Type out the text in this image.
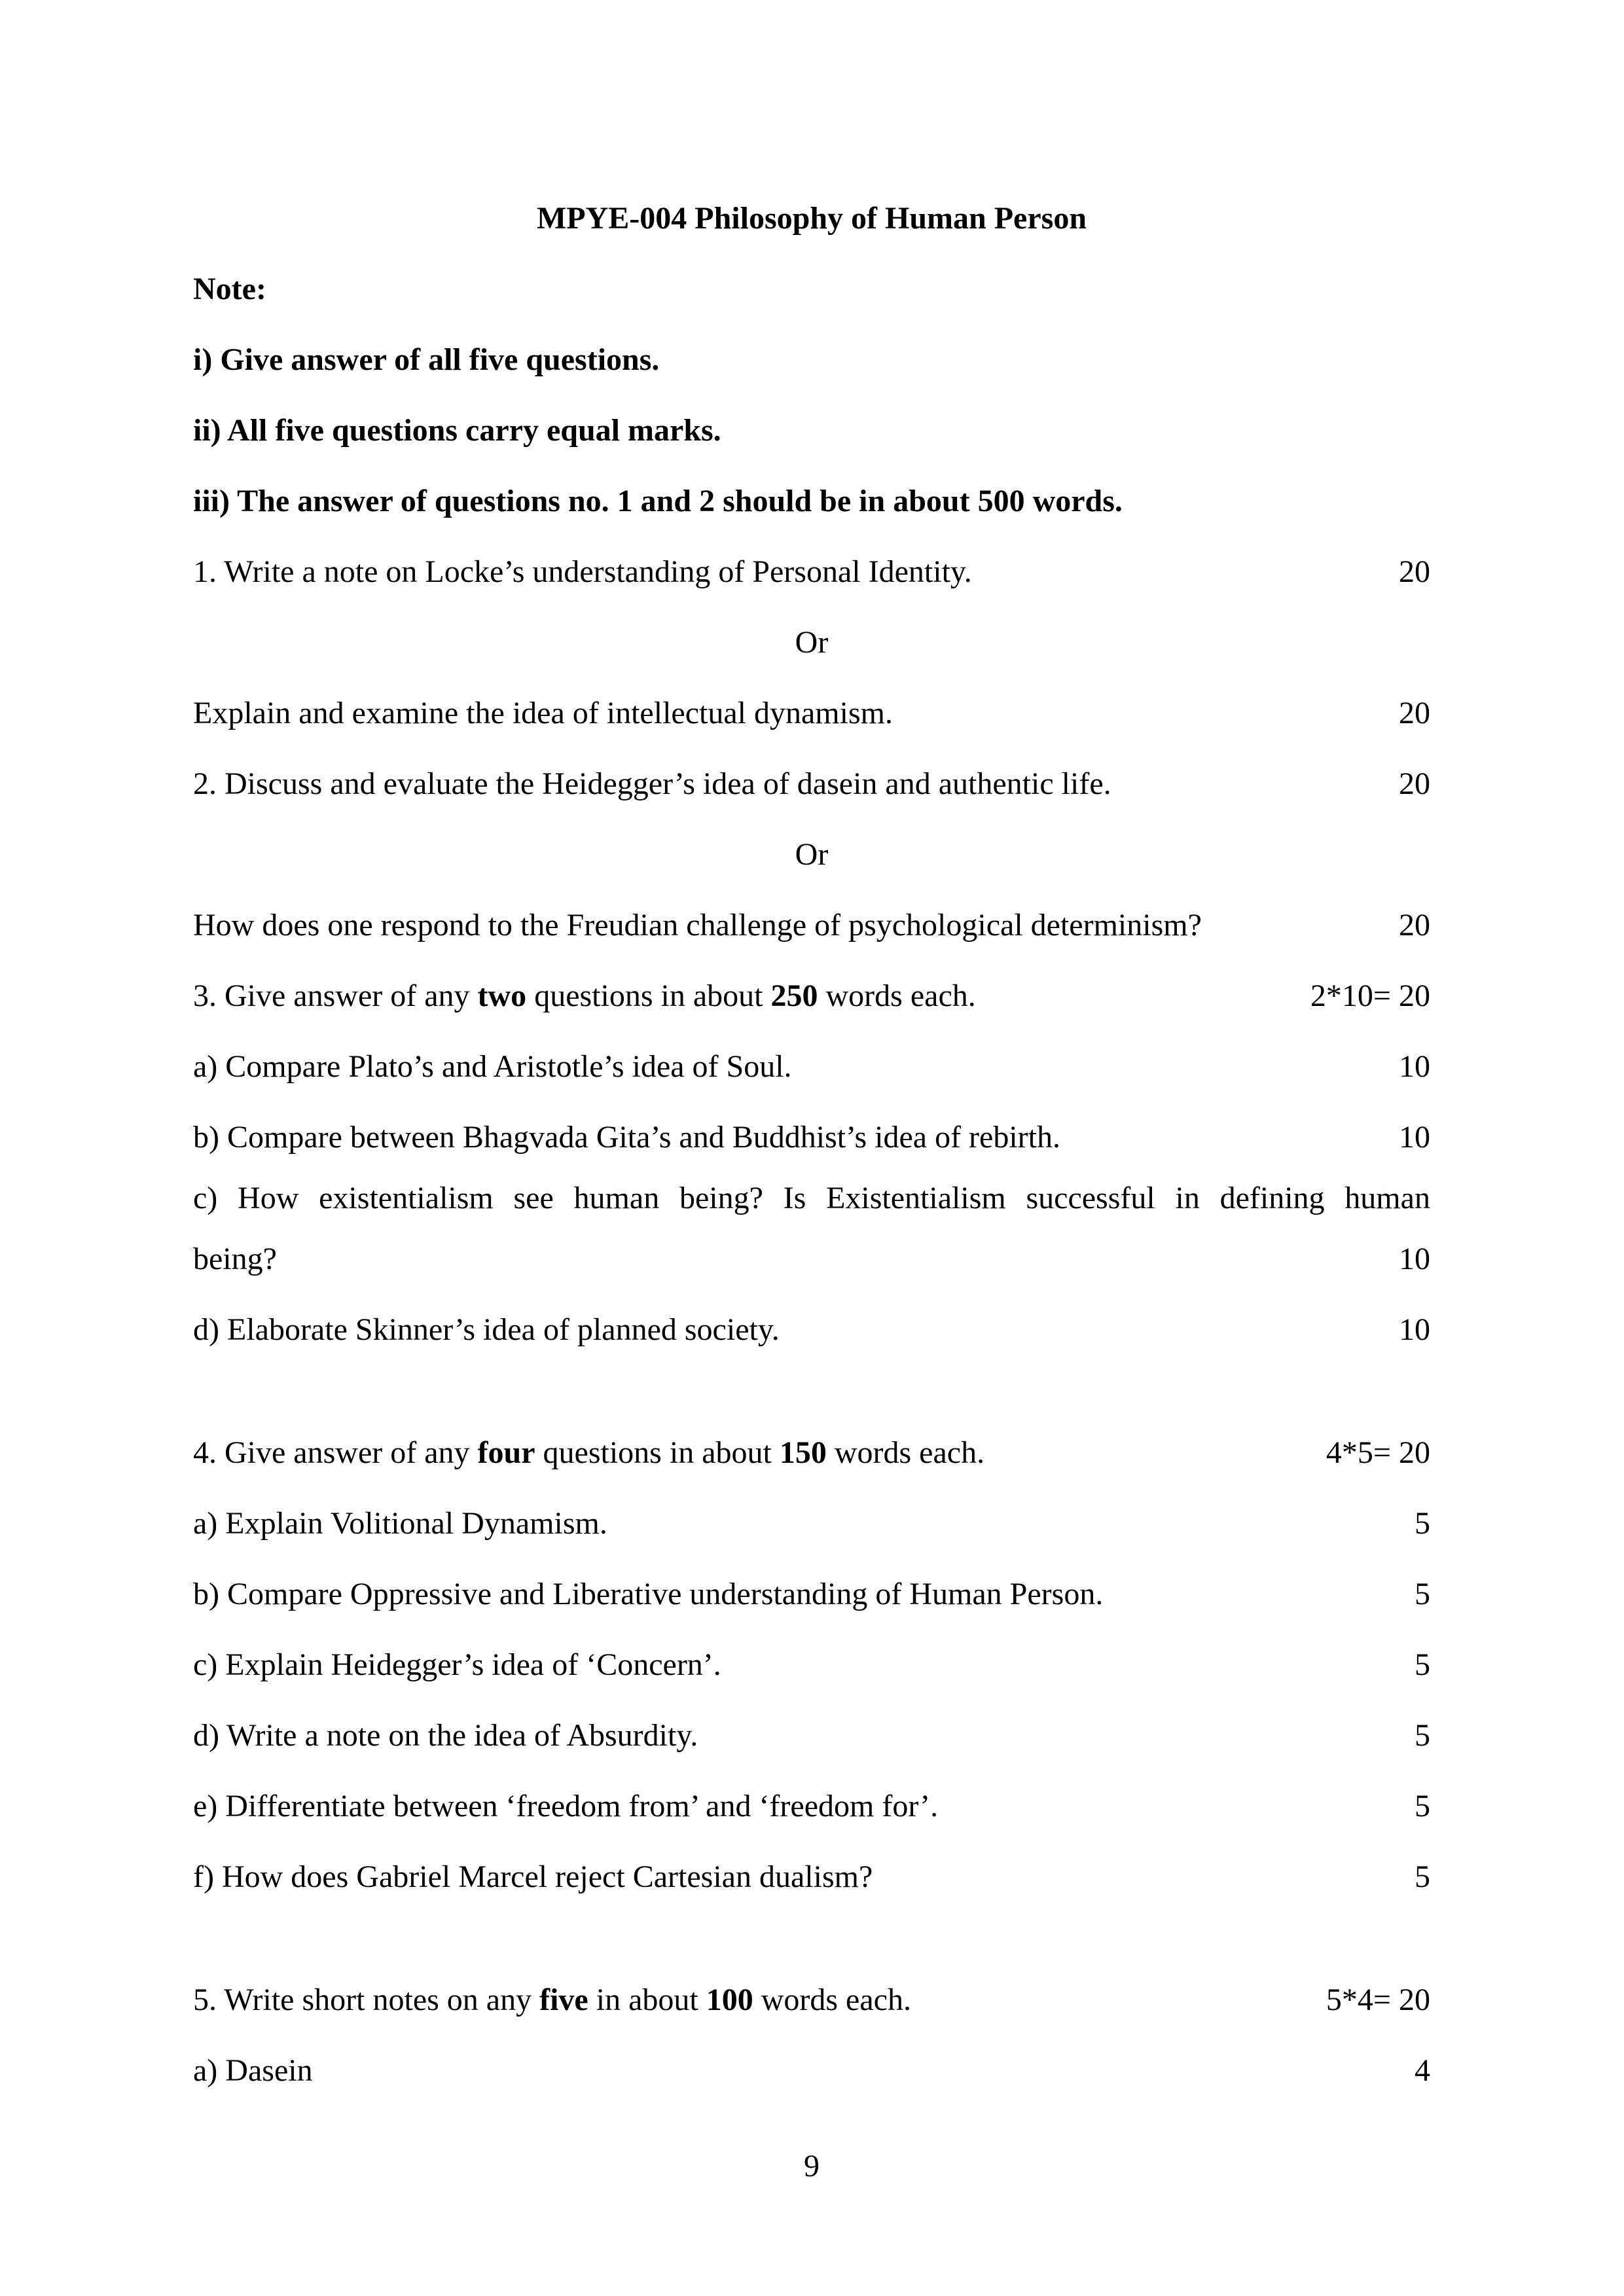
MPYE-004 Philosophy of Human Person
Note:
i) Give answer of all five questions.
ii) All five questions carry equal marks.
iii) The answer of questions no. 1 and 2 should be in about 500 words.
1. Write a note on Locke’s understanding of Personal Identity.	20
Or
Explain and examine the idea of intellectual dynamism.	20
2. Discuss and evaluate the Heidegger’s idea of dasein and authentic life.	20
Or
How does one respond to the Freudian challenge of psychological determinism?	20
3. Give answer of any two questions in about 250 words each.	2*10= 20
a) Compare Plato’s and Aristotle’s idea of Soul.	10
b) Compare between Bhagvada Gita’s and Buddhist’s idea of rebirth.	10
c) How existentialism see human being? Is Existentialism successful in defining human
being?	10
d) Elaborate Skinner’s idea of planned society.	10
4. Give answer of any four questions in about 150 words each.	4*5= 20
a) Explain Volitional Dynamism.	5
b) Compare Oppressive and Liberative understanding of Human Person.	5
c) Explain Heidegger’s idea of ‘Concern’.	5
d) Write a note on the idea of Absurdity.	5
e) Differentiate between ‘freedom from’ and ‘freedom for’.	5
f) How does Gabriel Marcel reject Cartesian dualism?	5
5. Write short notes on any five in about 100 words each.	5*4= 20
a) Dasein	4
9
